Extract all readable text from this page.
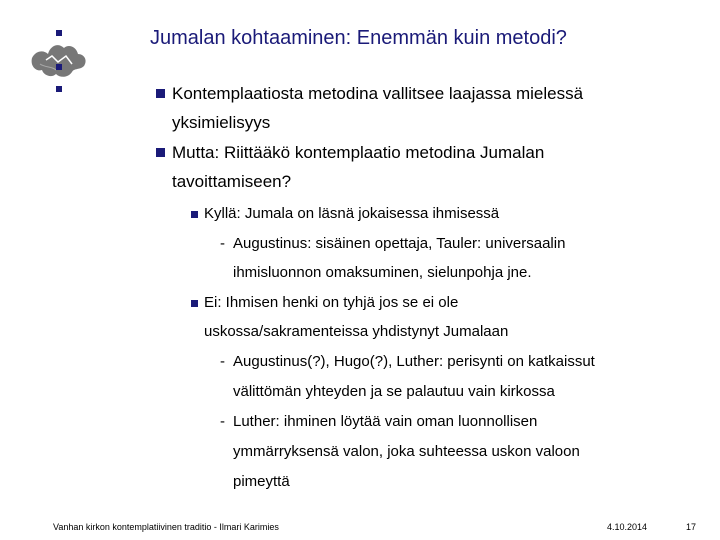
Jumalan kohtaaminen: Enemmän kuin metodi?
Kontemplaatiosta metodina vallitsee laajassa mielessä
yksimielisyys
Mutta: Riittääkö kontemplaatio metodina Jumalan
tavoittamiseen?
Kyllä: Jumala on läsnä jokaisessa ihmisessä
- Augustinus: sisäinen opettaja, Tauler: universaalin
ihmisluonnon omaksuminen, sielunpohja jne.
Ei: Ihmisen henki on tyhjä jos se ei ole
uskossa/sakramenteissa yhdistynyt Jumalaan
- Augustinus(?), Hugo(?), Luther: perisynti on katkaissut
välittömän yhteyden ja se palautuu vain kirkossa
- Luther: ihminen löytää vain oman luonnollisen
ymmärryksensä valon, joka suhteessa uskon valoon
pimeyttä
Vanhan kirkon kontemplatiivinen traditio - Ilmari Karimies	4.10.2014	17
